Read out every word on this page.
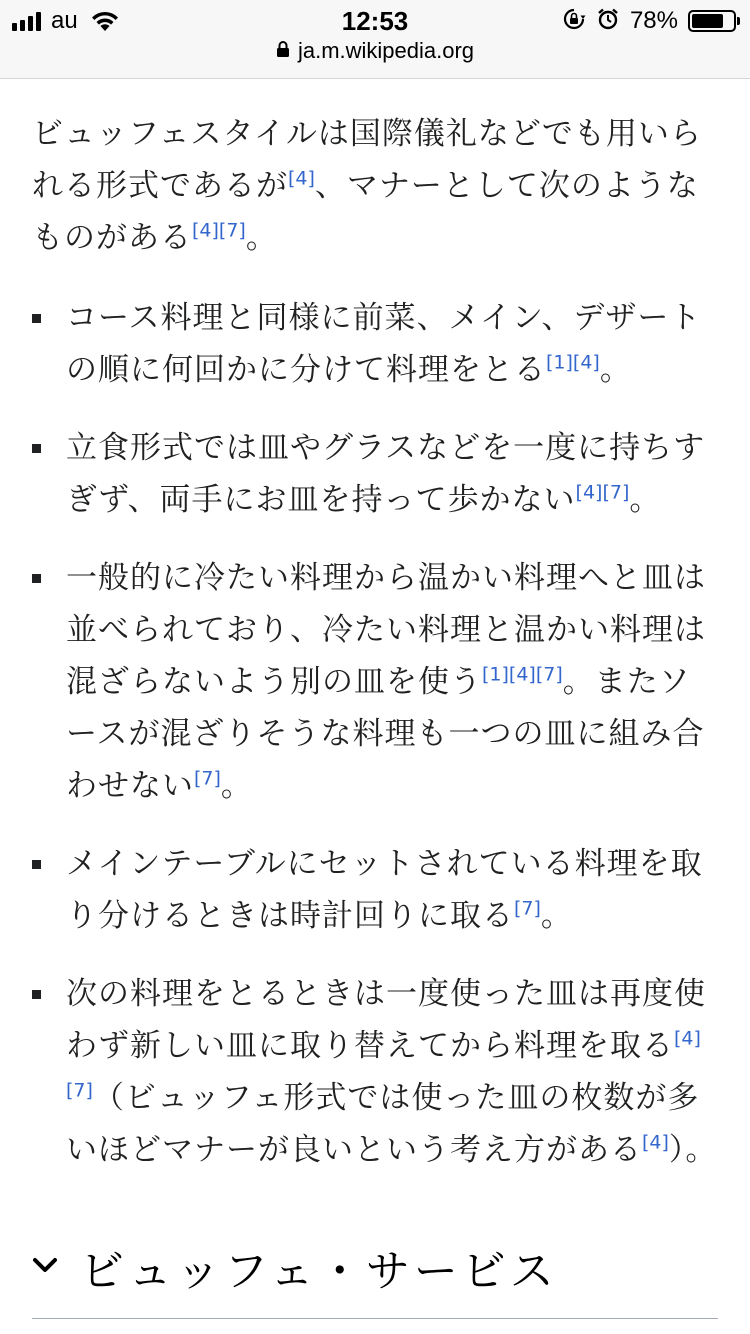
au	12:53	78%
ja.m.wikipedia.org

ビュッフェスタイルは国際儀礼などでも用いられる形式であるが[4]、マナーとして次のようなものがある[4][7]。

コース料理と同様に前菜、メイン、デザートの順に何回かに分けて料理をとる[1][4]。
立食形式では皿やグラスなどを一度に持ちすぎず、両手にお皿を持って歩かない[4][7]。
一般的に冷たい料理から温かい料理へと皿は並べられており、冷たい料理と温かい料理は混ざらないよう別の皿を使う[1][4][7]。またソースが混ざりそうな料理も一つの皿に組み合わせない[7]。
メインテーブルにセットされている料理を取り分けるときは時計回りに取る[7]。
次の料理をとるときは一度使った皿は再度使わず新しい皿に取り替えてから料理を取る[4][7]（ビュッフェ形式では使った皿の枚数が多いほどマナーが良いという考え方がある[4]）。
ビュッフェ・サービス
